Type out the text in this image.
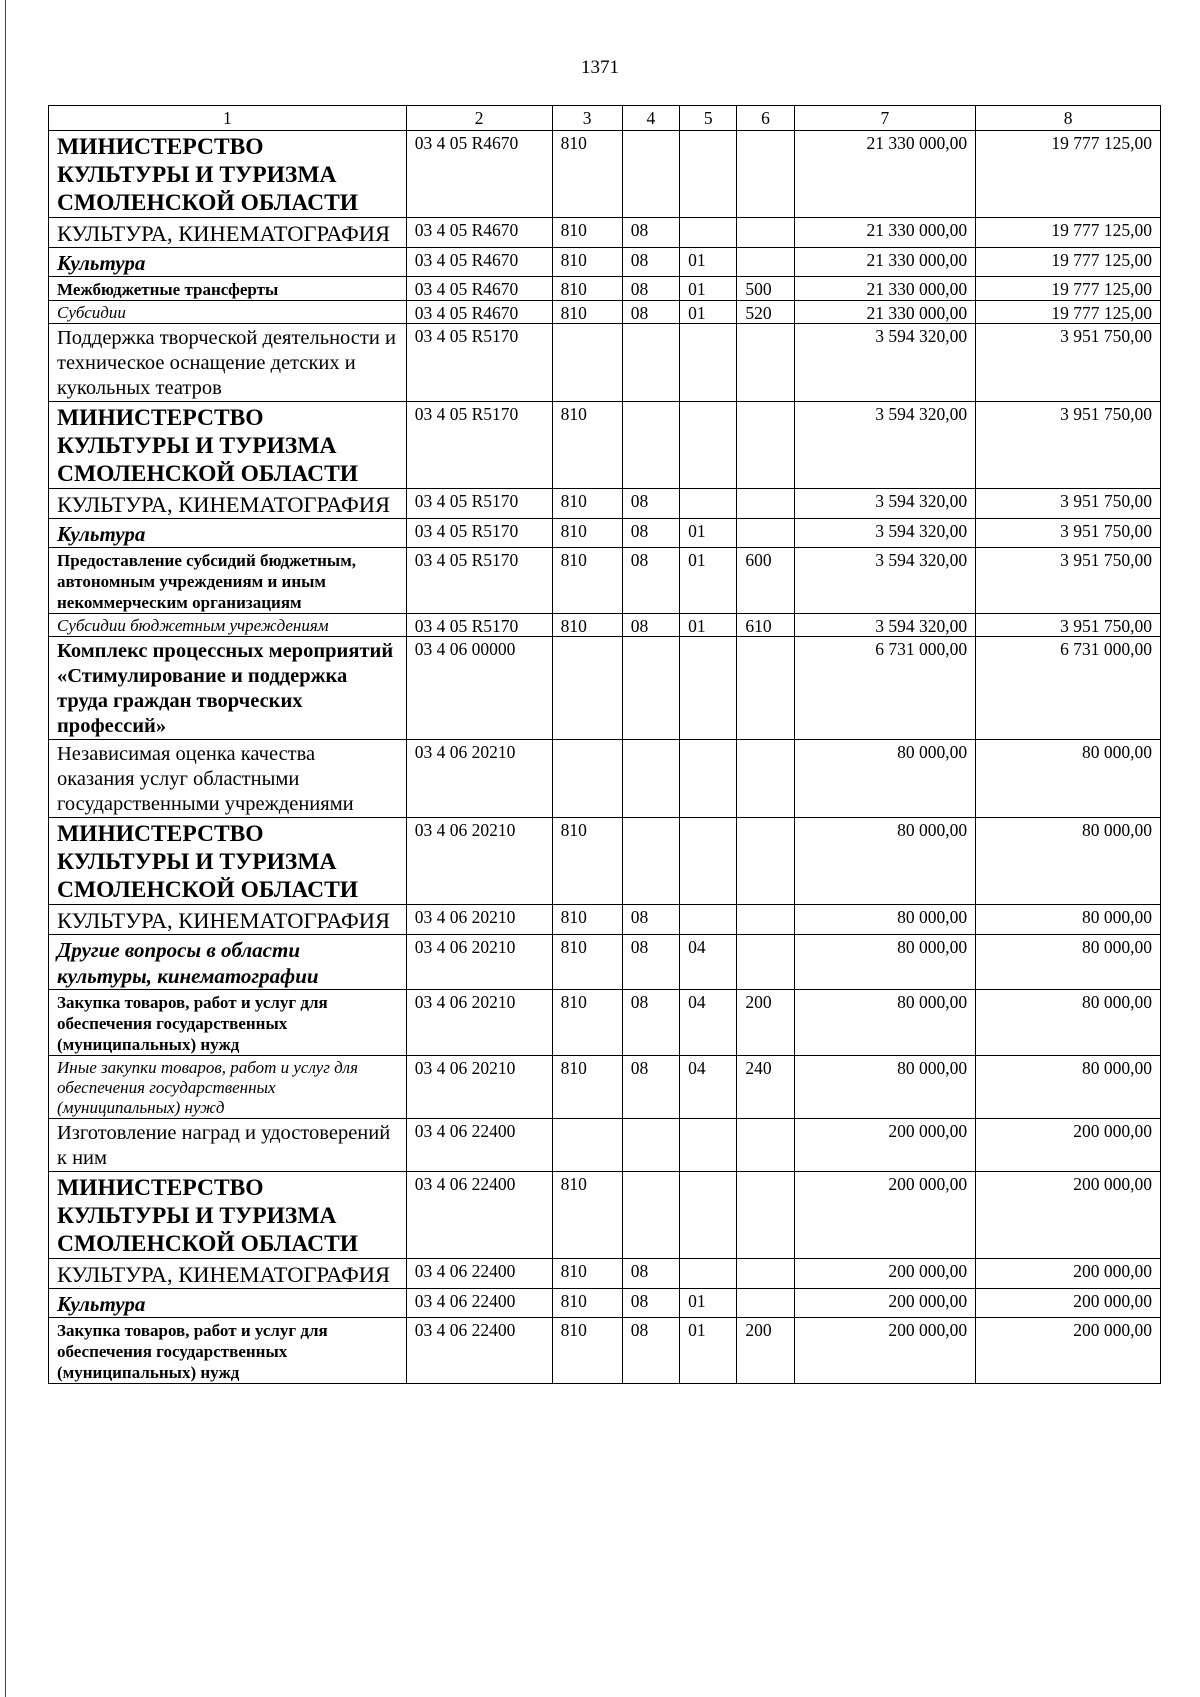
1371
1	2	3	4	5	6	7	8
МИНИСТЕРСТВО КУЛЬТУРЫ И ТУРИЗМА СМОЛЕНСКОЙ ОБЛАСТИ	03 4 05 R4670	810				21 330 000,00	19 777 125,00
КУЛЬТУРА, КИНЕМАТОГРАФИЯ	03 4 05 R4670	810	08			21 330 000,00	19 777 125,00
Культура	03 4 05 R4670	810	08	01		21 330 000,00	19 777 125,00
Межбюджетные трансферты	03 4 05 R4670	810	08	01	500	21 330 000,00	19 777 125,00
Субсидии	03 4 05 R4670	810	08	01	520	21 330 000,00	19 777 125,00
Поддержка творческой деятельности и техническое оснащение детских и кукольных театров	03 4 05 R5170					3 594 320,00	3 951 750,00
МИНИСТЕРСТВО КУЛЬТУРЫ И ТУРИЗМА СМОЛЕНСКОЙ ОБЛАСТИ	03 4 05 R5170	810				3 594 320,00	3 951 750,00
КУЛЬТУРА, КИНЕМАТОГРАФИЯ	03 4 05 R5170	810	08			3 594 320,00	3 951 750,00
Культура	03 4 05 R5170	810	08	01		3 594 320,00	3 951 750,00
Предоставление субсидий бюджетным, автономным учреждениям и иным некоммерческим организациям	03 4 05 R5170	810	08	01	600	3 594 320,00	3 951 750,00
Субсидии бюджетным учреждениям	03 4 05 R5170	810	08	01	610	3 594 320,00	3 951 750,00
Комплекс процессных мероприятий «Стимулирование и поддержка труда граждан творческих профессий»	03 4 06 00000					6 731 000,00	6 731 000,00
Независимая оценка качества оказания услуг областными государственными учреждениями	03 4 06 20210					80 000,00	80 000,00
МИНИСТЕРСТВО КУЛЬТУРЫ И ТУРИЗМА СМОЛЕНСКОЙ ОБЛАСТИ	03 4 06 20210	810				80 000,00	80 000,00
КУЛЬТУРА, КИНЕМАТОГРАФИЯ	03 4 06 20210	810	08			80 000,00	80 000,00
Другие вопросы в области культуры, кинематографии	03 4 06 20210	810	08	04		80 000,00	80 000,00
Закупка товаров, работ и услуг для обеспечения государственных (муниципальных) нужд	03 4 06 20210	810	08	04	200	80 000,00	80 000,00
Иные закупки товаров, работ и услуг для обеспечения государственных (муниципальных) нужд	03 4 06 20210	810	08	04	240	80 000,00	80 000,00
Изготовление наград и удостоверений к ним	03 4 06 22400					200 000,00	200 000,00
МИНИСТЕРСТВО КУЛЬТУРЫ И ТУРИЗМА СМОЛЕНСКОЙ ОБЛАСТИ	03 4 06 22400	810				200 000,00	200 000,00
КУЛЬТУРА, КИНЕМАТОГРАФИЯ	03 4 06 22400	810	08			200 000,00	200 000,00
Культура	03 4 06 22400	810	08	01		200 000,00	200 000,00
Закупка товаров, работ и услуг для обеспечения государственных (муниципальных) нужд	03 4 06 22400	810	08	01	200	200 000,00	200 000,00
